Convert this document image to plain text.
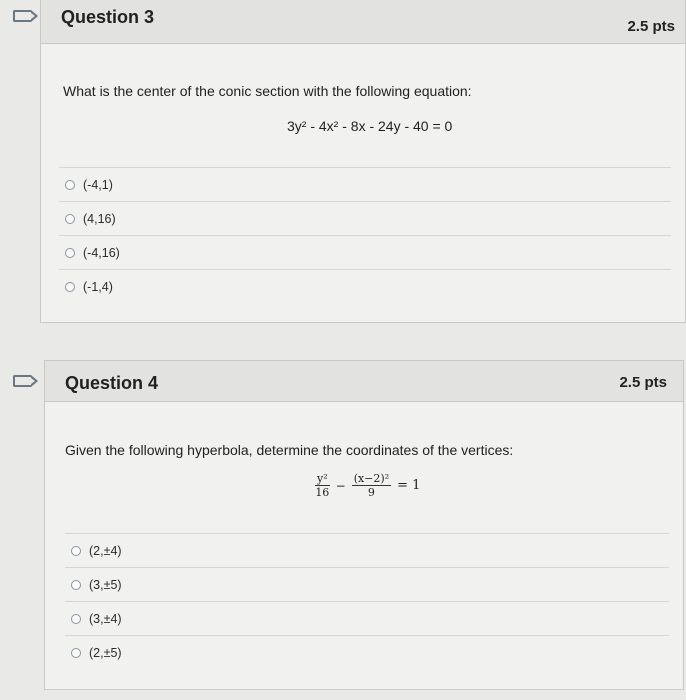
Question 3	2.5 pts
What is the center of the conic section with the following equation:
3y² - 4x² - 8x - 24y - 40 = 0
(-4,1)
(4,16)
(-4,16)
(-1,4)
Question 4	2.5 pts
Given the following hyperbola, determine the coordinates of the vertices:
$\frac{\text{y²}}{16} - \frac{\text{(x−2)²}}{9} = 1$
(2,±4)
(3,±5)
(3,±4)
(2,±5)
